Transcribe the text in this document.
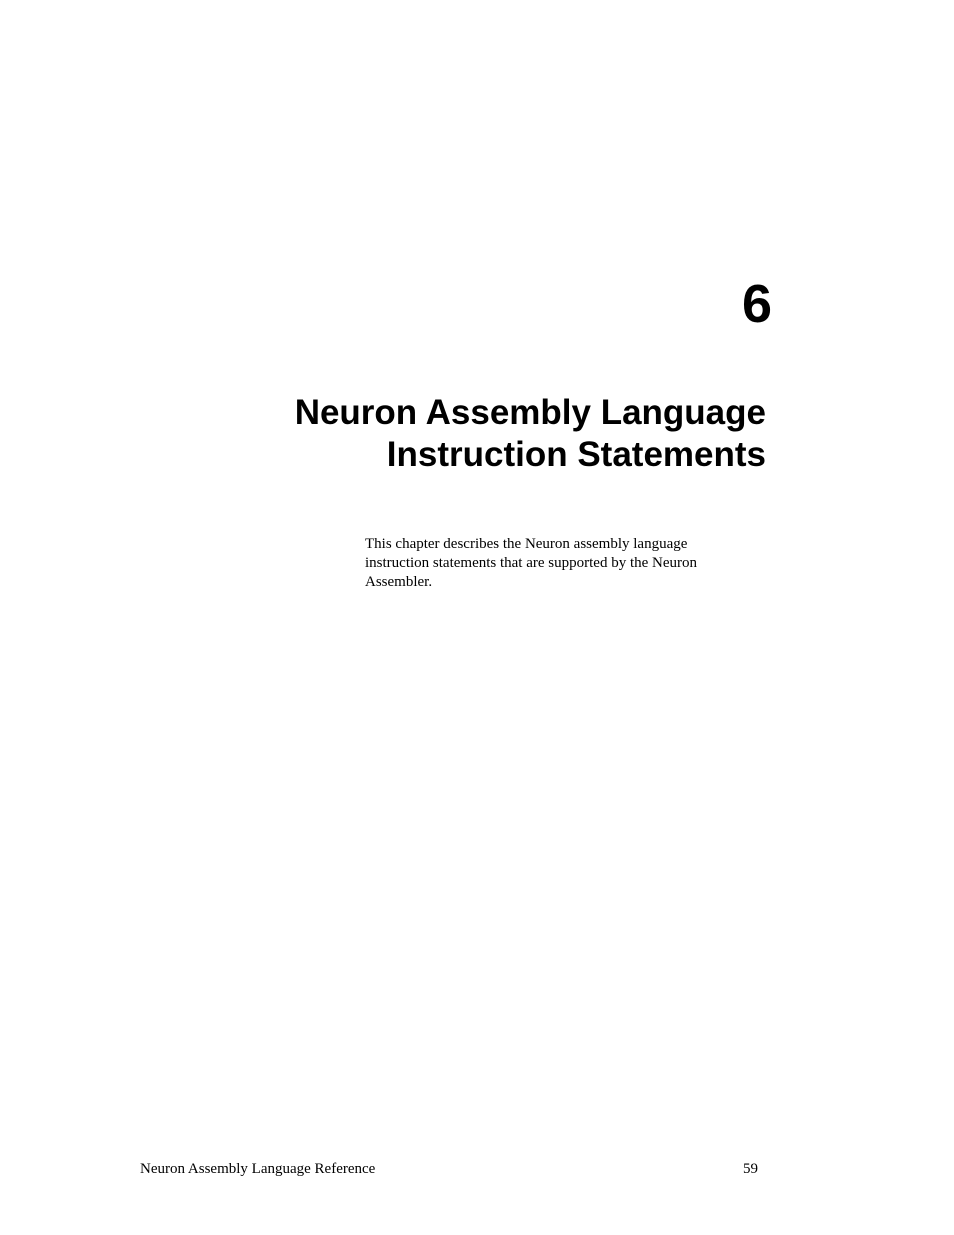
6
Neuron Assembly Language
Instruction Statements

This chapter describes the Neuron assembly language
instruction statements that are supported by the Neuron
Assembler.

Neuron Assembly Language Reference	59
